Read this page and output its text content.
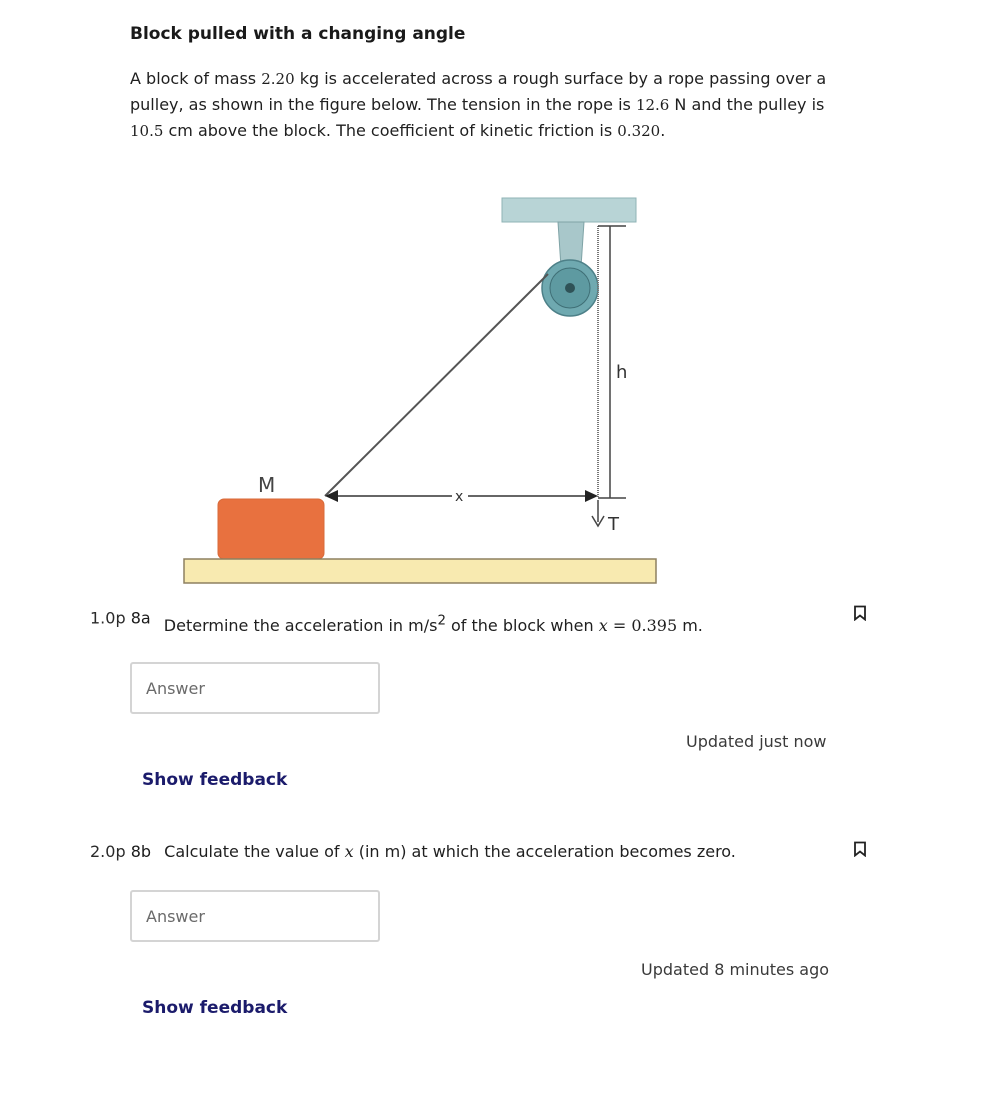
Block pulled with a changing angle
A block of mass 2.20 kg is accelerated across a rough surface by a rope passing over a pulley, as shown in the figure below. The tension in the rope is 12.6 N and the pulley is 10.5 cm above the block. The coefficient of kinetic friction is 0.320.
h
x
T
M
1.0p 8a Determine the acceleration in $m/s^2$ of the block when x = 0.395 m.
Answer
Updated just now
Show feedback
2.0p 8b Calculate the value of x (in m) at which the acceleration becomes zero.
Answer
Updated 8 minutes ago
Show feedback
